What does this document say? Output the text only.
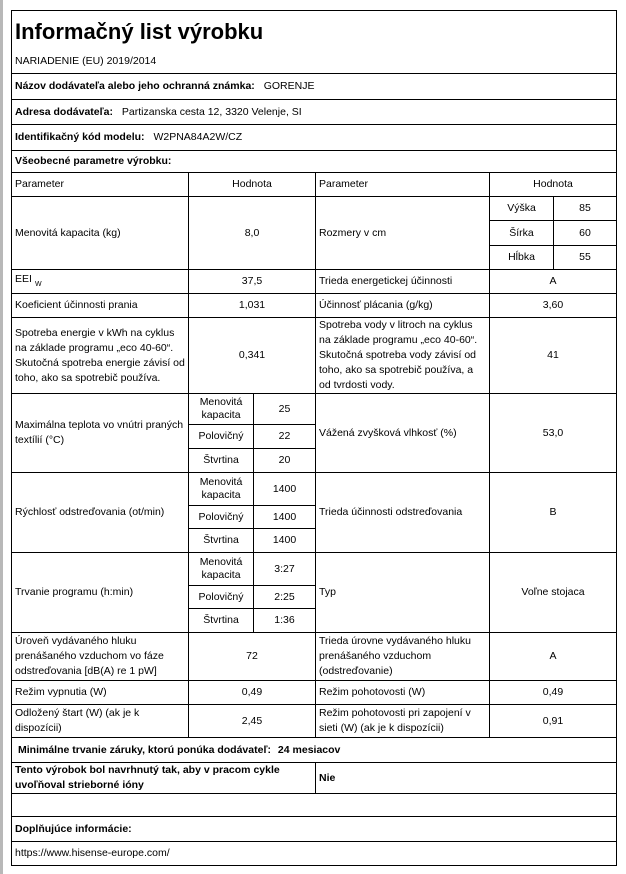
Informačný list výrobku					
NARIADENIE (EU) 2019/2014					
Názov dodávateľa alebo jeho ochranná známka: GORENJE					
Adresa dodávateľa: Partizanska cesta 12, 3320 Velenje, SI					
Identifikačný kód modelu: W2PNA84A2W/CZ					
Všeobecné parametre výrobku:					
Parameter	Hodnota		Parameter	Hodnota	
Menovitá kapacita (kg)	8,0		Rozmery v cm	Výška	85
				Šírka	60
				Hĺbka	55
EEI $_W$	37,5		Trieda energetickej účinnosti	A	
Koeficient účinnosti prania	1,031		Účinnosť plácania (g/kg)	3,60	
Spotreba energie v kWh na cyklus na základe programu „eco 40-60“. Skutočná spotreba energie závisí od toho, ako sa spotrebič používa.	0,341		Spotreba vody v litroch na cyklus na základe programu „eco 40-60“. Skutočná spotreba vody závisí od toho, ako sa spotrebič používa, a od tvrdosti vody.	41	
Maximálna teplota vo vnútri praných textílií (°C)	Menovitá kapacita	25	Vážená zvyšková vlhkosť (%)	53,0	
	Polovičný	22			
	Štvrtina	20			
Rýchlosť odstreďovania (ot/min)	Menovitá kapacita	1400	Trieda účinnosti odstreďovania	B	
	Polovičný	1400			
	Štvrtina	1400			
Trvanie programu (h:min)	Menovitá kapacita	3:27	Typ	Voľne stojaca	
	Polovičný	2:25			
	Štvrtina	1:36			
Úroveň vydávaného hluku prenášaného vzduchom vo fáze odstreďovania [dB(A) re 1 pW]	72		Trieda úrovne vydávaného hluku prenášaného vzduchom (odstreďovanie)	A	
Režim vypnutia (W)	0,49		Režim pohotovosti (W)	0,49	
Odložený štart (W) (ak je k dispozícii)	2,45		Režim pohotovosti pri zapojení v sieti (W) (ak je k dispozícii)	0,91	
Minimálne trvanie záruky, ktorú ponúka dodávateľ: 24 mesiacov					
Tento výrobok bol navrhnutý tak, aby v pracom cykle uvoľňoval strieborné ióny			Nie		

Doplňujúce informácie:					
https://www.hisense-europe.com/					
